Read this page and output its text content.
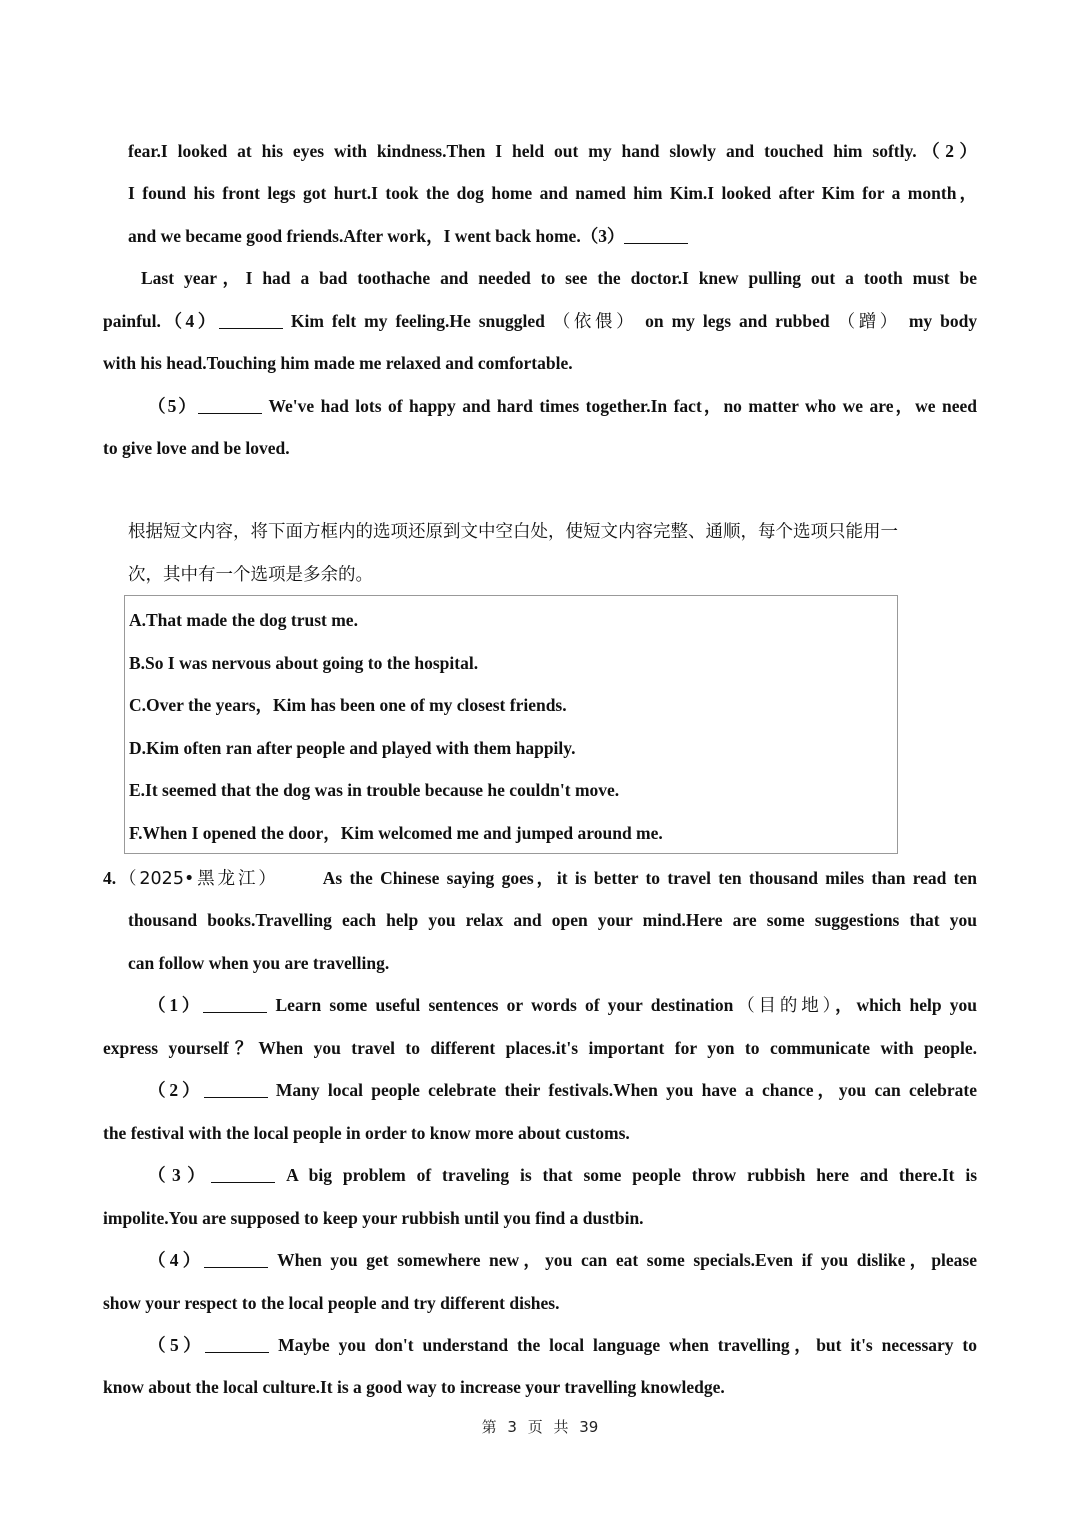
fear.I looked at his eyes with kindness.Then I held out my hand slowly and touched him softly.（2）
I found his front legs got hurt.I took the dog home and named him Kim.I looked after Kim for a month，
and we became good friends.After work，I went back home.（3）
Last year，I had a bad toothache and needed to see the doctor.I knew pulling out a tooth must be
painful.（4）	Kim felt my feeling.He snuggled （依偎） on my legs and rubbed （蹭） my body
with his head.Touching him made me relaxed and comfortable.
（5）	We've had lots of happy and hard times together.In fact，no matter who we are，we need
to give love and be loved.
根据短文内容，将下面方框内的选项还原到文中空白处，使短文内容完整、通顺，每个选项只能用一
次，其中有一个选项是多余的。
A.That made the dog trust me.
B.So I was nervous about going to the hospital.
C.Over the years，Kim has been one of my closest friends.
D.Kim often ran after people and played with them happily.
E.It seemed that the dog was in trouble because he couldn't move.
F.When I opened the door，Kim welcomed me and jumped around me.
4.（2025•黑龙江）	As the Chinese saying goes，it is better to travel ten thousand miles than read ten
thousand books.Travelling each help you relax and open your mind.Here are some suggestions that you
can follow when you are travelling.
（1）	Learn some useful sentences or words of your destination（目的地），which help you
express yourself？When you travel to different places.it's important for yon to communicate with people.
（2）	Many local people celebrate their festivals.When you have a chance，you can celebrate
the festival with the local people in order to know more about customs.
（3）	A big problem of traveling is that some people throw rubbish here and there.It is
impolite.You are supposed to keep your rubbish until you find a dustbin.
（4）	When you get somewhere new，you can eat some specials.Even if you dislike，please
show your respect to the local people and try different dishes.
（5）	Maybe you don't understand the local language when travelling，but it's necessary to
know about the local culture.It is a good way to increase your travelling knowledge.
第 3 页 共 39
